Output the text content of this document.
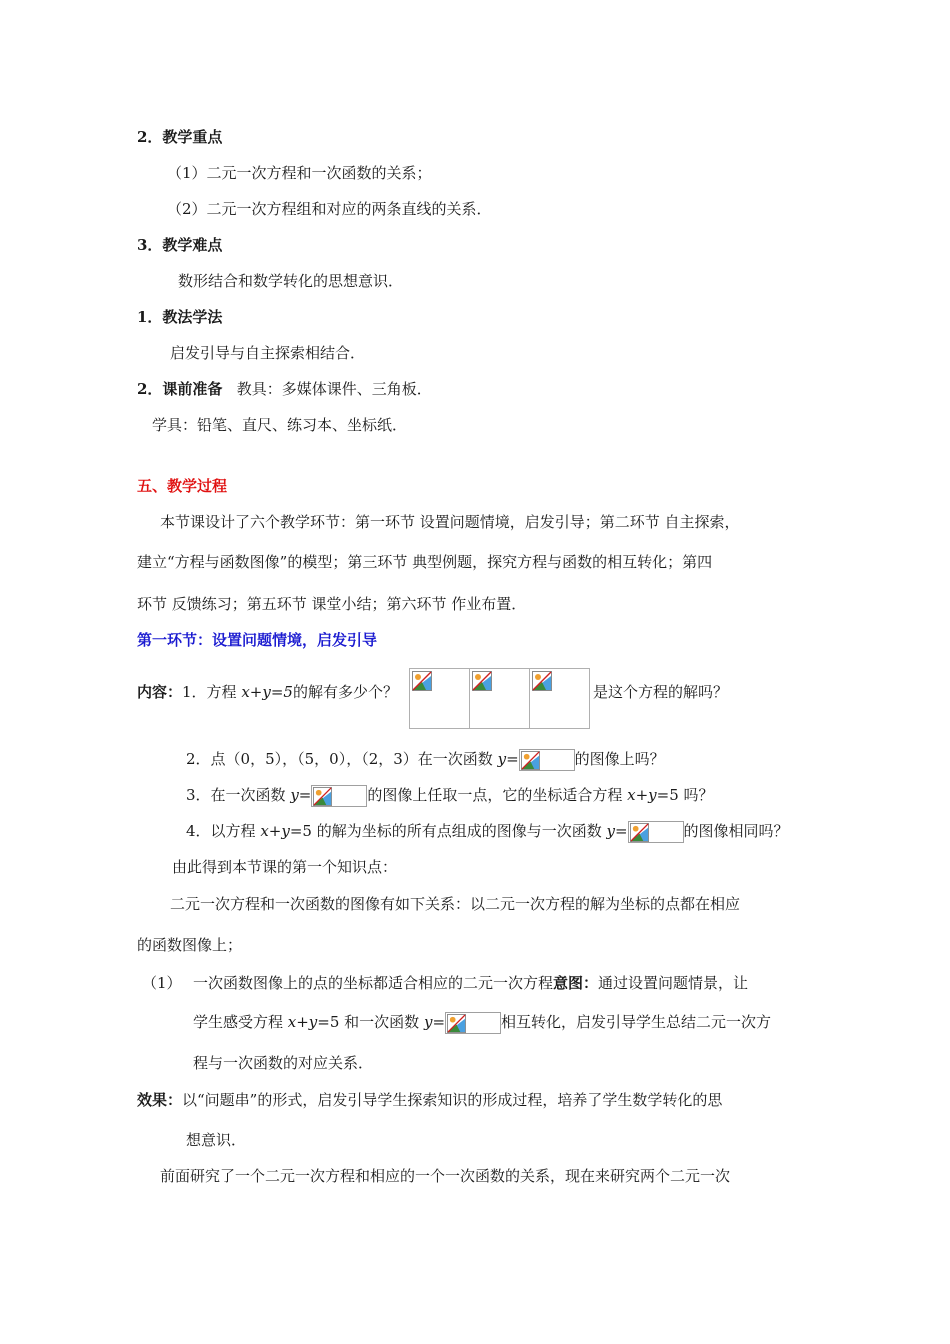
2．教学重点
（1）二元一次方程和一次函数的关系；
（2）二元一次方程组和对应的两条直线的关系．
3．教学难点
数形结合和数学转化的思想意识．
1．教法学法
启发引导与自主探索相结合．
2．课前准备 教具：多媒体课件、三角板．
学具：铅笔、直尺、练习本、坐标纸．
五、教学过程
本节课设计了六个教学环节：第一环节 设置问题情境，启发引导；第二环节 自主探索，
建立“方程与函数图像”的模型；第三环节 典型例题，探究方程与函数的相互转化；第四
环节 反馈练习；第五环节 课堂小结；第六环节 作业布置．
第一环节：设置问题情境，启发引导
内容：1．方程 x+y=5的解有多少个？	是这个方程的解吗？
2．点（0，5），（5，0），（2，3）在一次函数 y=	的图像上吗？
3．在一次函数 y=	的图像上任取一点，它的坐标适合方程 x+y=5 吗？
4．以方程 x+y=5 的解为坐标的所有点组成的图像与一次函数 y=	的图像相同吗？
由此得到本节课的第一个知识点：
二元一次方程和一次函数的图像有如下关系：以二元一次方程的解为坐标的点都在相应
的函数图像上；
（1） 一次函数图像上的点的坐标都适合相应的二元一次方程意图：通过设置问题情景，让
学生感受方程 x+y=5 和一次函数 y=	相互转化，启发引导学生总结二元一次方
程与一次函数的对应关系．
效果：以“问题串”的形式，启发引导学生探索知识的形成过程，培养了学生数学转化的思
想意识．
前面研究了一个二元一次方程和相应的一个一次函数的关系，现在来研究两个二元一次
